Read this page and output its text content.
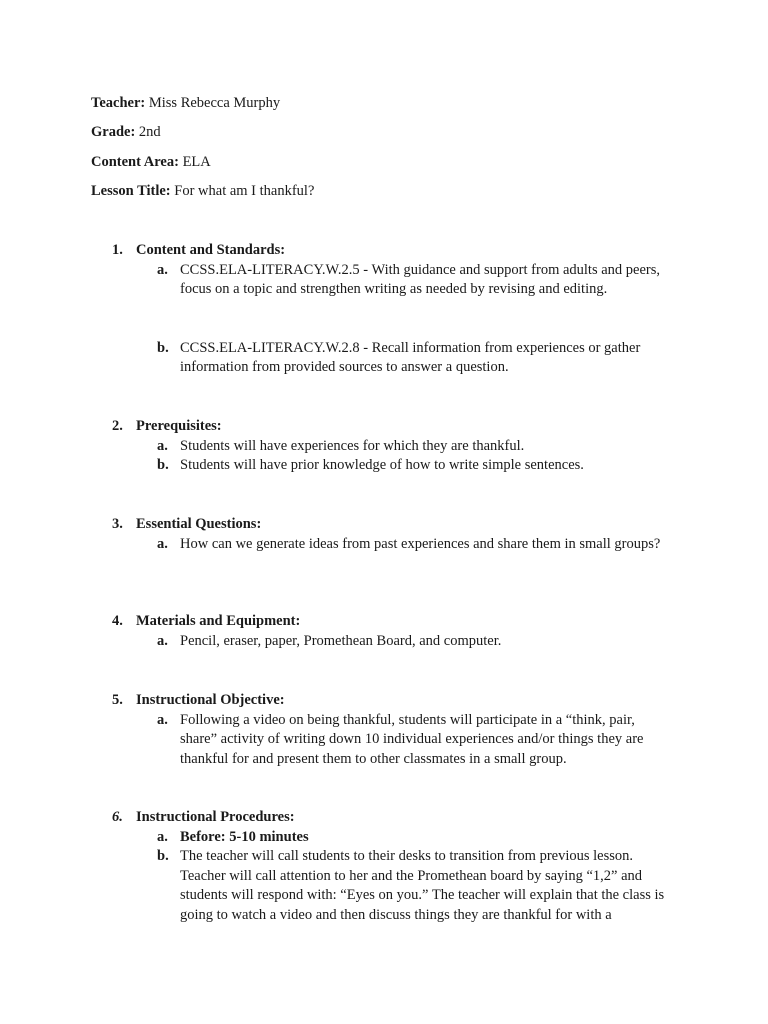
Teacher: Miss Rebecca Murphy
Grade: 2nd
Content Area: ELA
Lesson Title: For what am I thankful?
1. Content and Standards:
a. CCSS.ELA-LITERACY.W.2.5 - With guidance and support from adults and peers, focus on a topic and strengthen writing as needed by revising and editing.
b. CCSS.ELA-LITERACY.W.2.8 - Recall information from experiences or gather information from provided sources to answer a question.
2. Prerequisites:
a. Students will have experiences for which they are thankful.
b. Students will have prior knowledge of how to write simple sentences.
3. Essential Questions:
a. How can we generate ideas from past experiences and share them in small groups?
4. Materials and Equipment:
a. Pencil, eraser, paper, Promethean Board, and computer.
5. Instructional Objective:
a. Following a video on being thankful, students will participate in a “think, pair, share” activity of writing down 10 individual experiences and/or things they are thankful for and present them to other classmates in a small group.
6. Instructional Procedures:
a. Before: 5-10 minutes
b. The teacher will call students to their desks to transition from previous lesson. Teacher will call attention to her and the Promethean board by saying “1,2” and students will respond with: “Eyes on you.” The teacher will explain that the class is going to watch a video and then discuss things they are thankful for with a
